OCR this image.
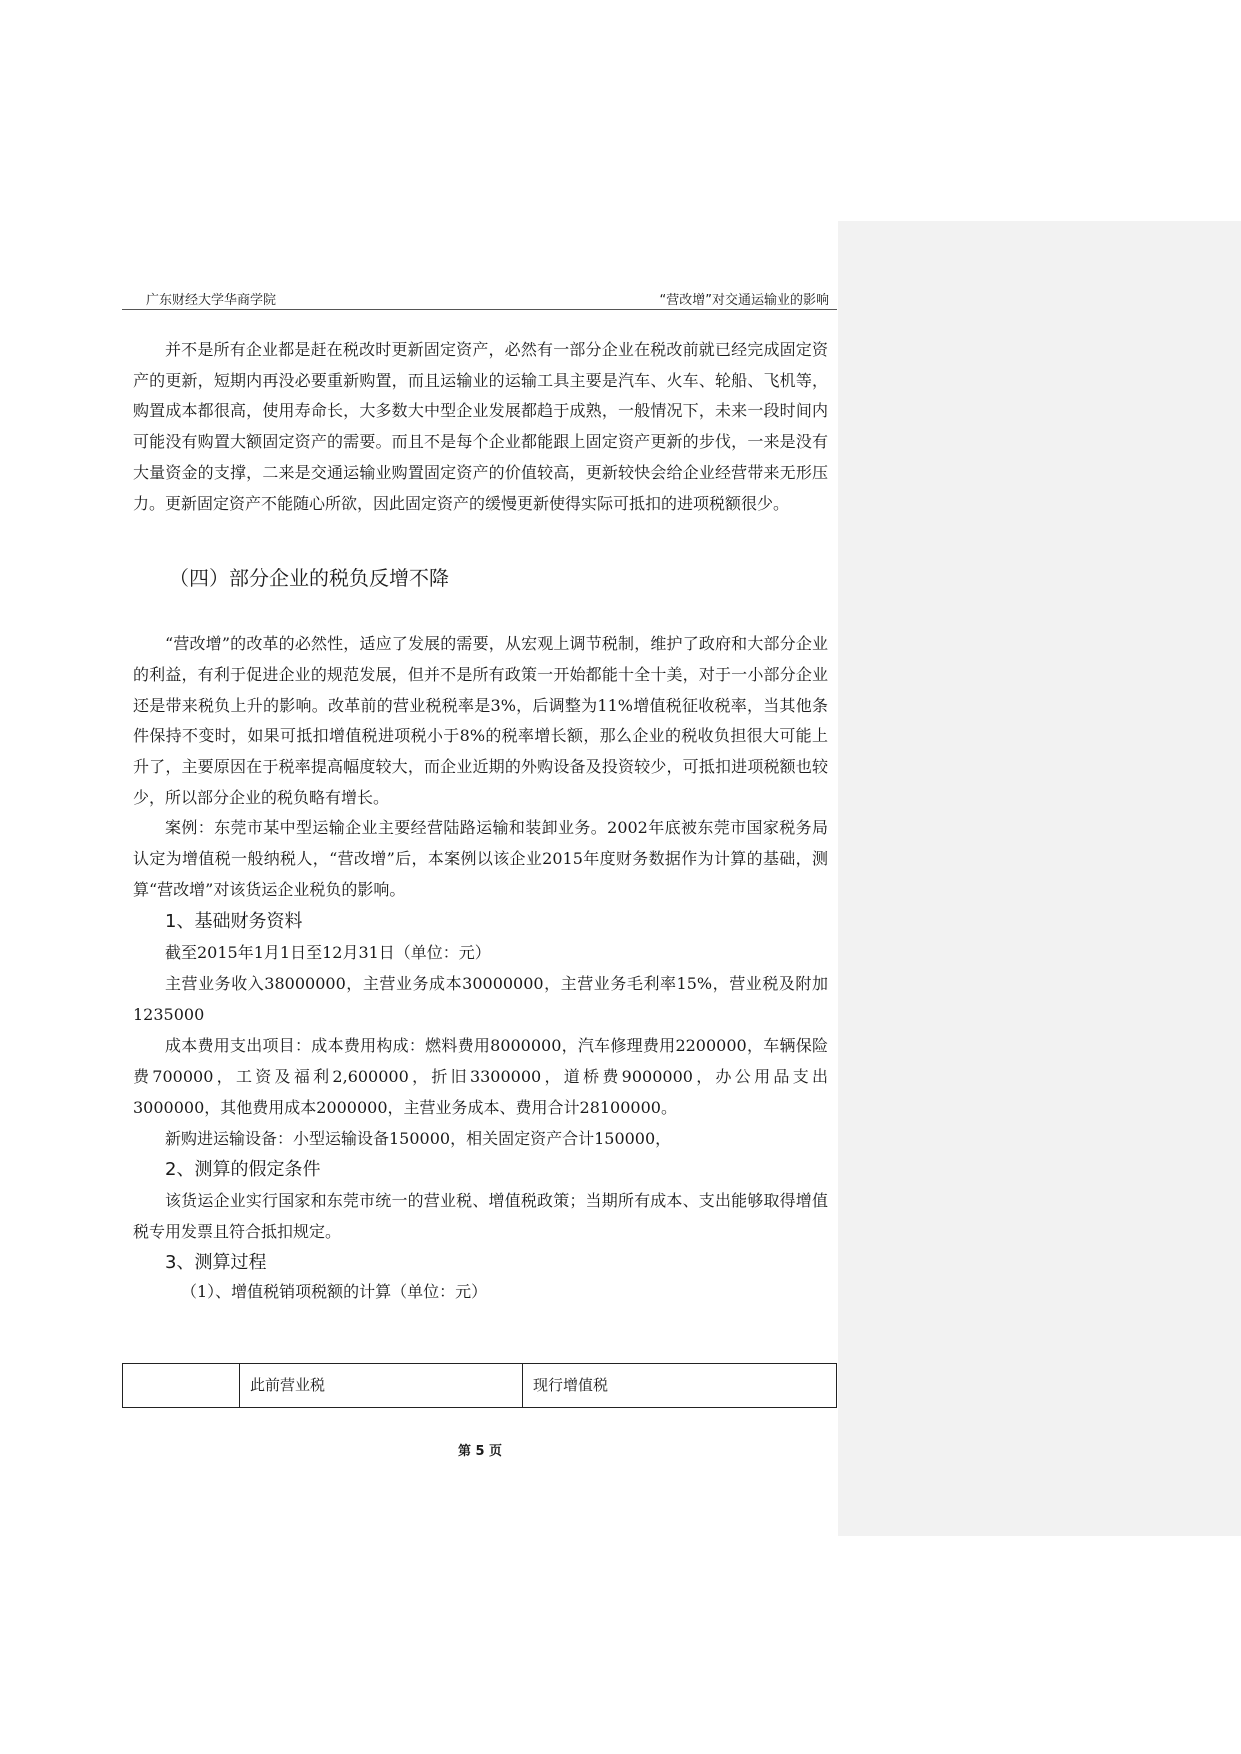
广东财经大学华商学院	“营改增”对交通运输业的影响

并不是所有企业都是赶在税改时更新固定资产，必然有一部分企业在税改前就已经完成固定资产的更新，短期内再没必要重新购置，而且运输业的运输工具主要是汽车、火车、轮船、飞机等，购置成本都很高，使用寿命长，大多数大中型企业发展都趋于成熟，一般情况下，未来一段时间内可能没有购置大额固定资产的需要。而且不是每个企业都能跟上固定资产更新的步伐，一来是没有大量资金的支撑，二来是交通运输业购置固定资产的价值较高，更新较快会给企业经营带来无形压力。更新固定资产不能随心所欲，因此固定资产的缓慢更新使得实际可抵扣的进项税额很少。

（四）部分企业的税负反增不降

“营改增”的改革的必然性，适应了发展的需要，从宏观上调节税制，维护了政府和大部分企业的利益，有利于促进企业的规范发展，但并不是所有政策一开始都能十全十美，对于一小部分企业还是带来税负上升的影响。改革前的营业税税率是3%，后调整为11%增值税征收税率，当其他条件保持不变时，如果可抵扣增值税进项税小于8%的税率增长额，那么企业的税收负担很大可能上升了，主要原因在于税率提高幅度较大，而企业近期的外购设备及投资较少，可抵扣进项税额也较少，所以部分企业的税负略有增长。

案例：东莞市某中型运输企业主要经营陆路运输和装卸业务。2002年底被东莞市国家税务局认定为增值税一般纳税人，“营改增”后，本案例以该企业2015年度财务数据作为计算的基础，测算“营改增”对该货运企业税负的影响。

1、基础财务资料

截至2015年1月1日至12月31日（单位：元）

主营业务收入38000000，主营业务成本30000000，主营业务毛利率15%，营业税及附加1235000

成本费用支出项目：成本费用构成：燃料费用8000000，汽车修理费用2200000，车辆保险费700000，工资及福利2,600000，折旧3300000，道桥费9000000，办公用品支出3000000，其他费用成本2000000，主营业务成本、费用合计28100000。

新购进运输设备：小型运输设备150000，相关固定资产合计150000，

2、测算的假定条件

该货运企业实行国家和东莞市统一的营业税、增值税政策；当期所有成本、支出能够取得增值税专用发票且符合抵扣规定。

3、测算过程

（1）、增值税销项税额的计算（单位：元）

	此前营业税	现行增值税
第 5 页
